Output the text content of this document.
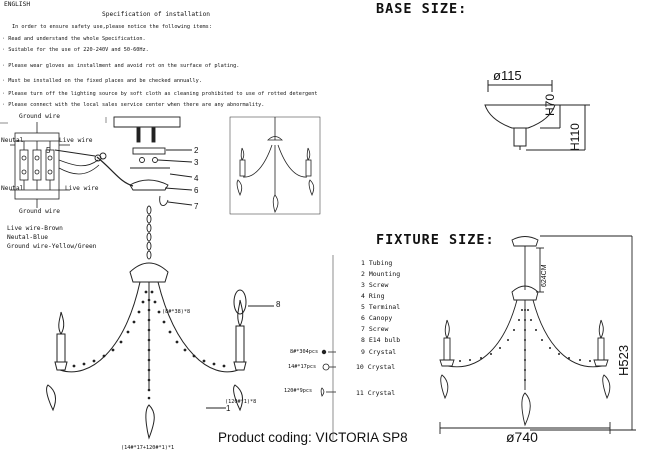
ENGLISH
Specification of installation
In order to ensure safety use,please notice the following items:
· Read and understand the whole Specification.
· Suitable for the use of 220-240V and 50-60Hz.
· Please wear gloves as installment and avoid rot on the surface of plating.
· Must be installed on the fixed places and be checked annually.
· Please turn off the lighting source by soft cloth as cleaning prohibited to use of rotted detergent
· Please connect with the local sales service center when there are any abnormality.
Ground wire
Neutal	Live wire
Neutal	Live wire
Ground wire
Live wire-Brown
Neutal-Blue
Ground wire-Yellow/Green
2
3
4
5
6
7
8
1
(8#*38)*8
(120#*1)*8
(14#*17+120#*1)*1
8#*304pcs
14#*17pcs
120#*9pcs
1 Tubing
2 Mounting
3 Screw
4 Ring
5 Terminal
6 Canopy
7 Screw
8 E14 bulb
9 Crystal
10 Crystal
11 Crystal
BASE SIZE:
ø115
H70
H110
FIXTURE SIZE:
624CM
H523
ø740
Product coding: VICTORIA SP8
